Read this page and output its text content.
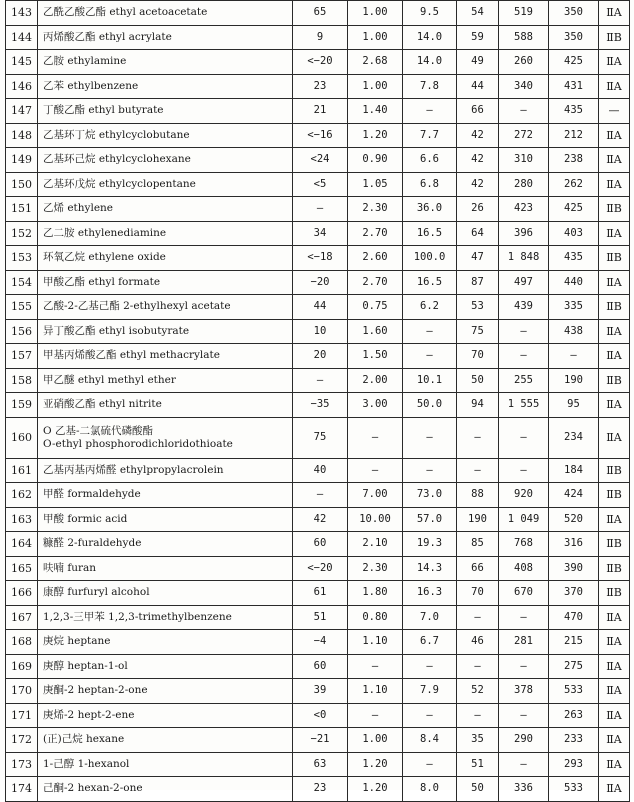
143	乙酰乙酸乙酯 ethyl acetoacetate	65	1.00	9.5	54	519	350	ⅡA
144	丙烯酸乙酯 ethyl acrylate	9	1.00	14.0	59	588	350	ⅡB
145	乙胺 ethylamine	<−20	2.68	14.0	49	260	425	ⅡA
146	乙苯 ethylbenzene	23	1.00	7.8	44	340	431	ⅡA
147	丁酸乙酯 ethyl butyrate	21	1.40	—	66	—	435	—
148	乙基环丁烷 ethylcyclobutane	<−16	1.20	7.7	42	272	212	ⅡA
149	乙基环己烷 ethylcyclohexane	<24	0.90	6.6	42	310	238	ⅡA
150	乙基环戊烷 ethylcyclopentane	<5	1.05	6.8	42	280	262	ⅡA
151	乙烯 ethylene	—	2.30	36.0	26	423	425	ⅡB
152	乙二胺 ethylenediamine	34	2.70	16.5	64	396	403	ⅡA
153	环氧乙烷 ethylene oxide	<−18	2.60	100.0	47	1 848	435	ⅡB
154	甲酸乙酯 ethyl formate	−20	2.70	16.5	87	497	440	ⅡA
155	乙酸-2-乙基己酯 2-ethylhexyl acetate	44	0.75	6.2	53	439	335	ⅡB
156	异丁酸乙酯 ethyl isobutyrate	10	1.60	—	75	—	438	ⅡA
157	甲基丙烯酸乙酯 ethyl methacrylate	20	1.50	—	70	—	—	ⅡA
158	甲乙醚 ethyl methyl ether	—	2.00	10.1	50	255	190	ⅡB
159	亚硝酸乙酯 ethyl nitrite	−35	3.00	50.0	94	1 555	95	ⅡA
160	O 乙基-二氯硫代磷酸酯
O-ethyl phosphorodichloridothioate	75	—	—	—	—	234	ⅡA
161	乙基丙基丙烯醛 ethylpropylacrolein	40	—	—	—	—	184	ⅡB
162	甲醛 formaldehyde	—	7.00	73.0	88	920	424	ⅡB
163	甲酸 formic acid	42	10.00	57.0	190	1 049	520	ⅡA
164	糠醛 2-furaldehyde	60	2.10	19.3	85	768	316	ⅡB
165	呋喃 furan	<−20	2.30	14.3	66	408	390	ⅡB
166	康醇 furfuryl alcohol	61	1.80	16.3	70	670	370	ⅡB
167	1,2,3-三甲苯 1,2,3-trimethylbenzene	51	0.80	7.0	—	—	470	ⅡA
168	庚烷 heptane	−4	1.10	6.7	46	281	215	ⅡA
169	庚醇 heptan-1-ol	60	—	—	—	—	275	ⅡA
170	庚酮-2 heptan-2-one	39	1.10	7.9	52	378	533	ⅡA
171	庚烯-2 hept-2-ene	<0	—	—	—	—	263	ⅡA
172	(正)己烷 hexane	−21	1.00	8.4	35	290	233	ⅡA
173	1-己醇 1-hexanol	63	1.20	—	51	—	293	ⅡA
174	己酮-2 hexan-2-one	23	1.20	8.0	50	336	533	ⅡA
